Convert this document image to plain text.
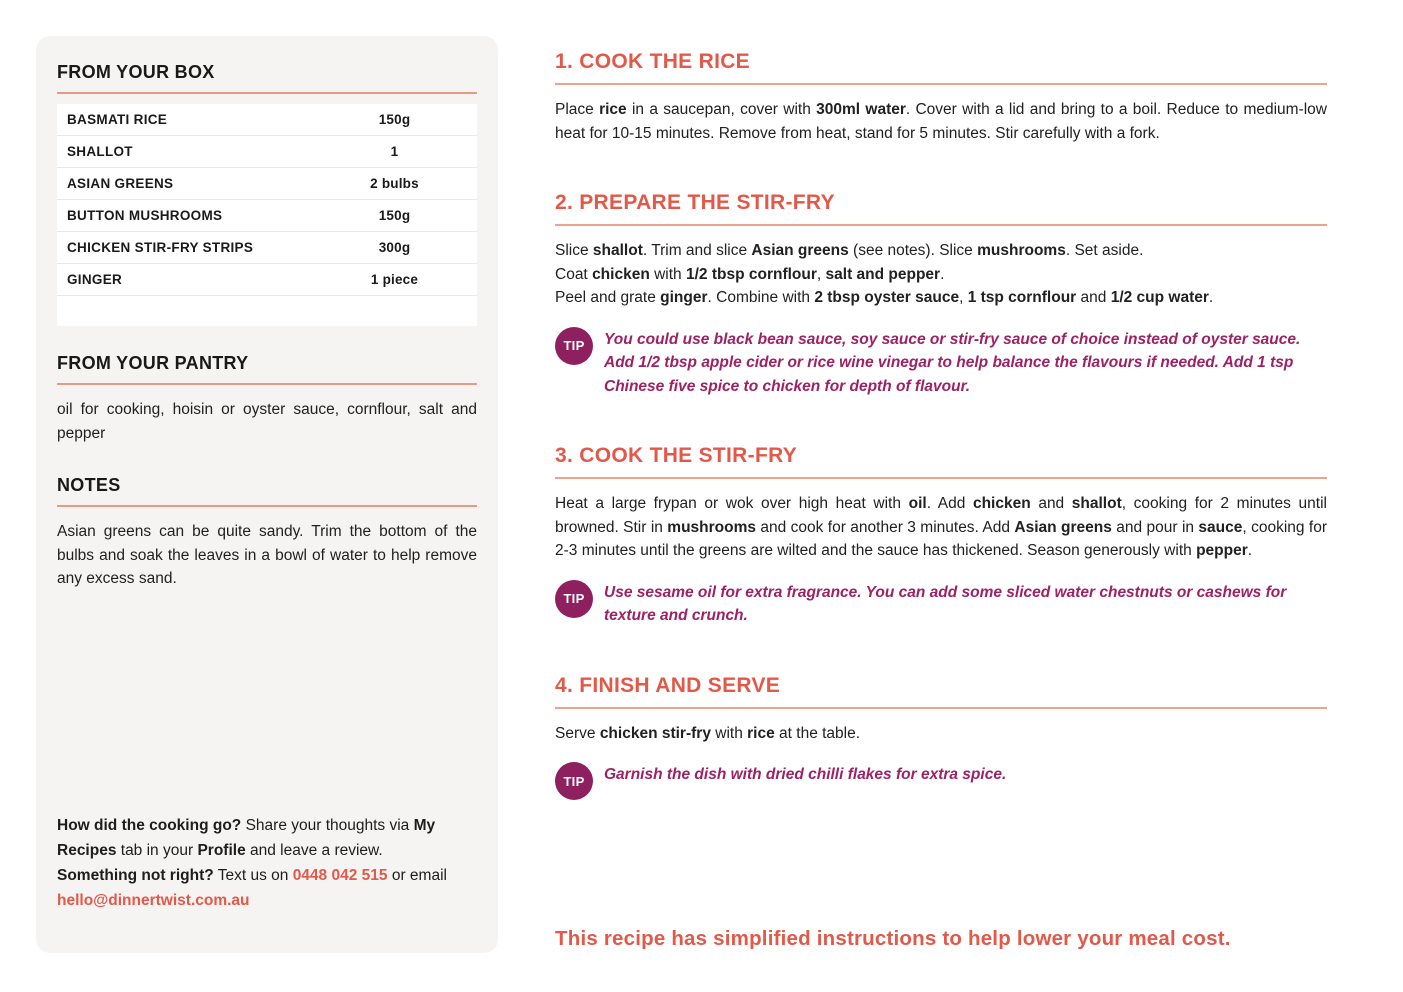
FROM YOUR BOX
BASMATI RICE	150g
SHALLOT	1
ASIAN GREENS	2 bulbs
BUTTON MUSHROOMS	150g
CHICKEN STIR-FRY STRIPS	300g
GINGER	1 piece
FROM YOUR PANTRY
oil for cooking, hoisin or oyster sauce, cornflour, salt and pepper
NOTES
Asian greens can be quite sandy. Trim the bottom of the bulbs and soak the leaves in a bowl of water to help remove any excess sand.

How did the cooking go? Share your thoughts via My Recipes tab in your Profile and leave a review.

Something not right? Text us on 0448 042 515 or email hello@dinnertwist.com.au

1. COOK THE RICE

Place rice in a saucepan, cover with 300ml water. Cover with a lid and bring to a boil. Reduce to medium-low heat for 10-15 minutes. Remove from heat, stand for 5 minutes. Stir carefully with a fork.

2. PREPARE THE STIR-FRY

Slice shallot. Trim and slice Asian greens (see notes). Slice mushrooms. Set aside.

Coat chicken with 1/2 tbsp cornflour, salt and pepper.

Peel and grate ginger. Combine with 2 tbsp oyster sauce, 1 tsp cornflour and 1/2 cup water.

TIP	You could use black bean sauce, soy sauce or stir-fry sauce of choice instead of oyster sauce. Add 1/2 tbsp apple cider or rice wine vinegar to help balance the flavours if needed. Add 1 tsp Chinese five spice to chicken for depth of flavour.
3. COOK THE STIR-FRY

Heat a large frypan or wok over high heat with oil. Add chicken and shallot, cooking for 2 minutes until browned. Stir in mushrooms and cook for another 3 minutes. Add Asian greens and pour in sauce, cooking for 2-3 minutes until the greens are wilted and the sauce has thickened. Season generously with pepper.

TIP	Use sesame oil for extra fragrance. You can add some sliced water chestnuts or cashews for texture and crunch.
4. FINISH AND SERVE

Serve chicken stir-fry with rice at the table.

TIP	Garnish the dish with dried chilli flakes for extra spice.
This recipe has simplified instructions to help lower your meal cost.
